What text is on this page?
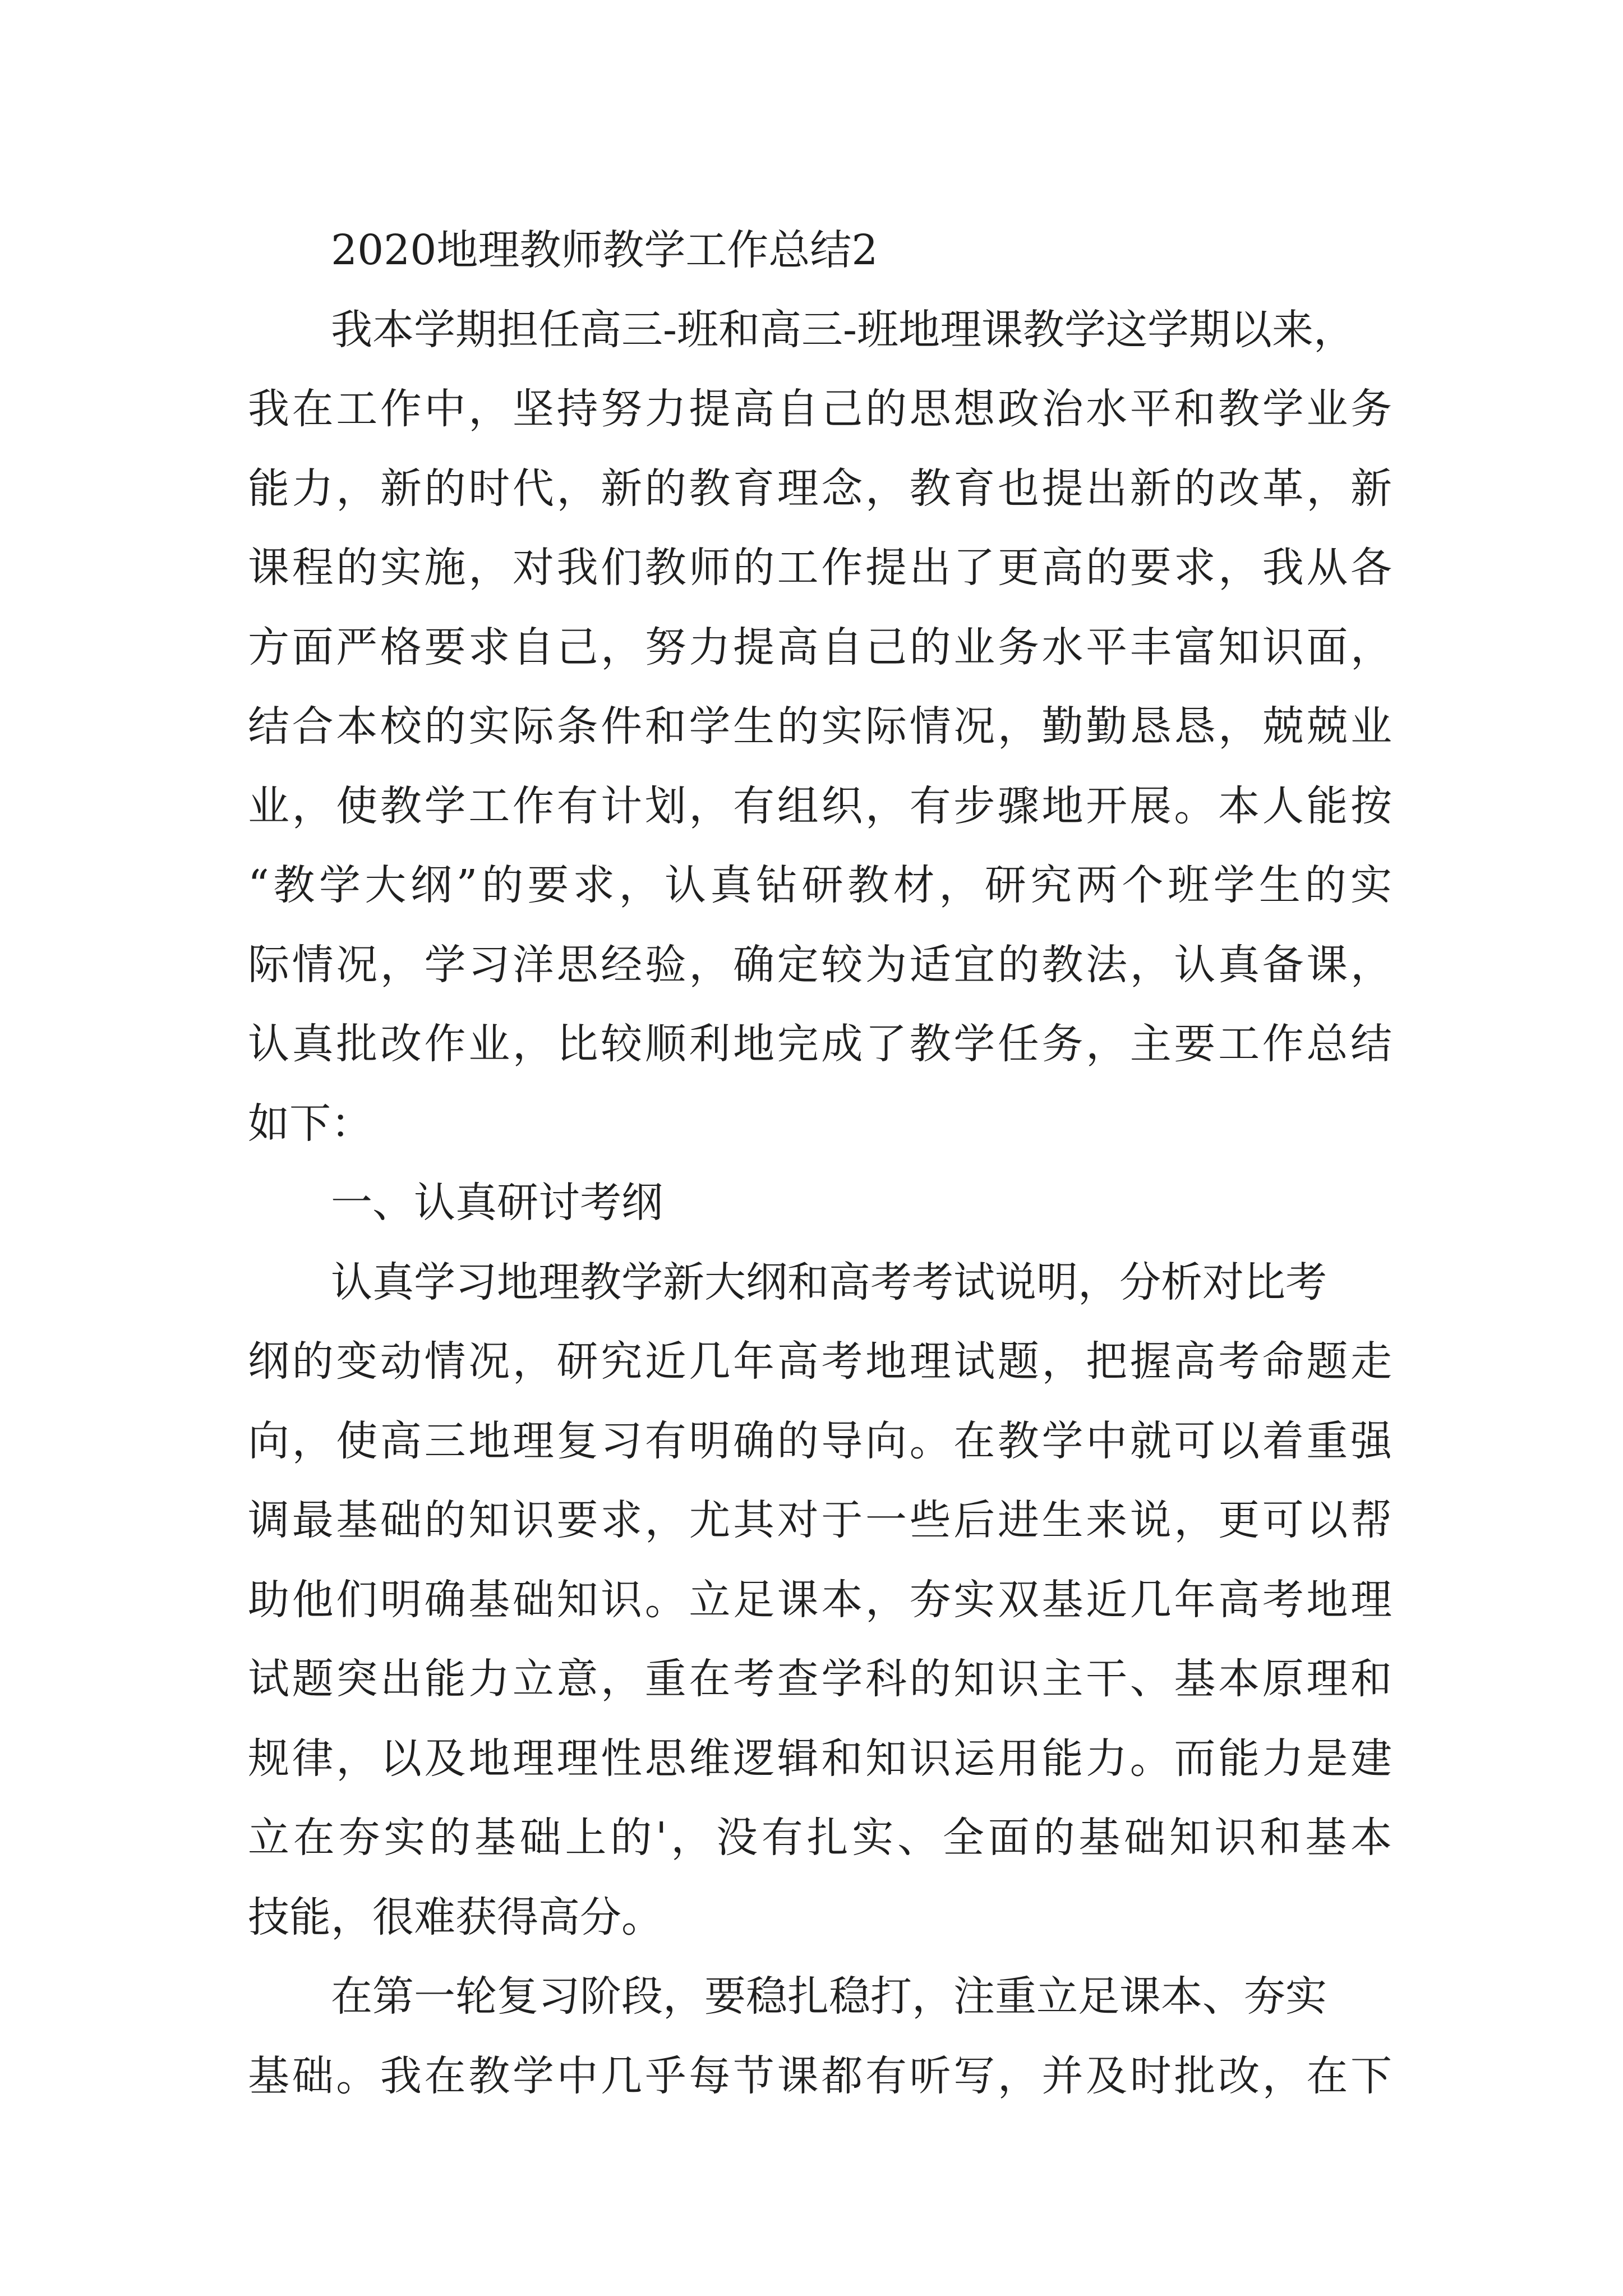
2020地理教师教学工作总结2
我本学期担任高三-班和高三-班地理课教学这学期以来，
我在工作中，坚持努力提高自己的思想政治水平和教学业务
能力，新的时代，新的教育理念，教育也提出新的改革，新
课程的实施，对我们教师的工作提出了更高的要求，我从各
方面严格要求自己，努力提高自己的业务水平丰富知识面，
结合本校的实际条件和学生的实际情况，勤勤恳恳，兢兢业
业，使教学工作有计划，有组织，有步骤地开展。本人能按
“教学大纲”的要求，认真钻研教材，研究两个班学生的实
际情况，学习洋思经验，确定较为适宜的教法，认真备课，
认真批改作业，比较顺利地完成了教学任务，主要工作总结
如下：
一、认真研讨考纲
认真学习地理教学新大纲和高考考试说明，分析对比考
纲的变动情况，研究近几年高考地理试题，把握高考命题走
向，使高三地理复习有明确的导向。在教学中就可以着重强
调最基础的知识要求，尤其对于一些后进生来说，更可以帮
助他们明确基础知识。立足课本，夯实双基近几年高考地理
试题突出能力立意，重在考查学科的知识主干、基本原理和
规律，以及地理理性思维逻辑和知识运用能力。而能力是建
立在夯实的基础上的'，没有扎实、全面的基础知识和基本
技能，很难获得高分。
在第一轮复习阶段，要稳扎稳打，注重立足课本、夯实
基础。我在教学中几乎每节课都有听写，并及时批改，在下
